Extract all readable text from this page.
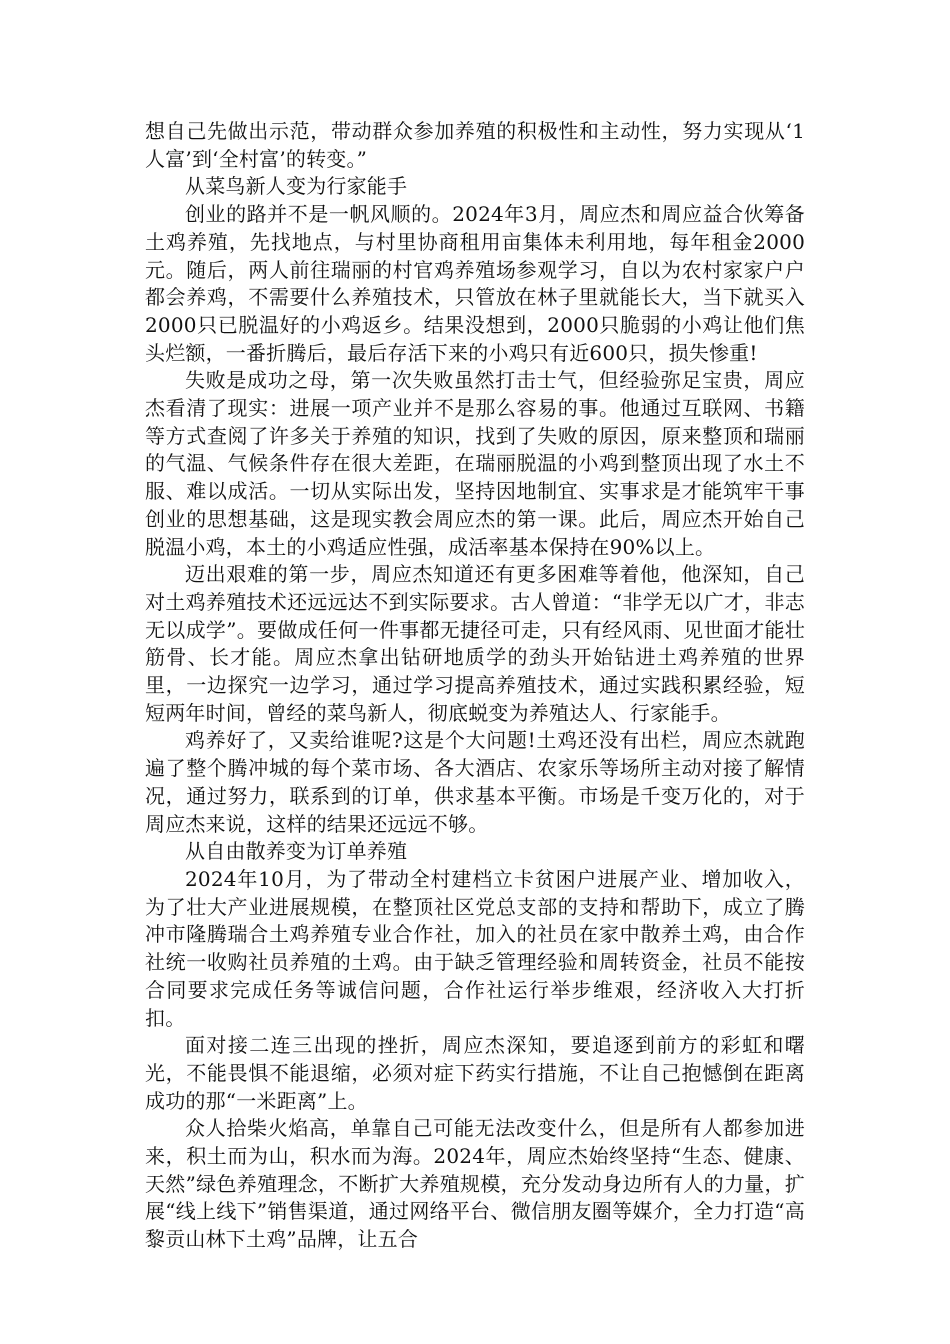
想自己先做出示范，带动群众参加养殖的积极性和主动性，努力实现从‘1人富’到‘全村富’的转变。”

从菜鸟新人变为行家能手

创业的路并不是一帆风顺的。2024年3月，周应杰和周应益合伙筹备土鸡养殖，先找地点，与村里协商租用亩集体未利用地，每年租金2000元。随后，两人前往瑞丽的村官鸡养殖场参观学习，自以为农村家家户户都会养鸡，不需要什么养殖技术，只管放在林子里就能长大，当下就买入2000只已脱温好的小鸡返乡。结果没想到，2000只脆弱的小鸡让他们焦头烂额，一番折腾后，最后存活下来的小鸡只有近600只，损失惨重!

失败是成功之母，第一次失败虽然打击士气，但经验弥足宝贵，周应杰看清了现实：进展一项产业并不是那么容易的事。他通过互联网、书籍等方式查阅了许多关于养殖的知识，找到了失败的原因，原来整顶和瑞丽的气温、气候条件存在很大差距，在瑞丽脱温的小鸡到整顶出现了水土不服、难以成活。一切从实际出发，坚持因地制宜、实事求是才能筑牢干事创业的思想基础，这是现实教会周应杰的第一课。此后，周应杰开始自己脱温小鸡，本土的小鸡适应性强，成活率基本保持在90%以上。

迈出艰难的第一步，周应杰知道还有更多困难等着他，他深知，自己对土鸡养殖技术还远远达不到实际要求。古人曾道：“非学无以广才，非志无以成学”。要做成任何一件事都无捷径可走，只有经风雨、见世面才能壮筋骨、长才能。周应杰拿出钻研地质学的劲头开始钻进土鸡养殖的世界里，一边探究一边学习，通过学习提高养殖技术，通过实践积累经验，短短两年时间，曾经的菜鸟新人，彻底蜕变为养殖达人、行家能手。

鸡养好了，又卖给谁呢?这是个大问题!土鸡还没有出栏，周应杰就跑遍了整个腾冲城的每个菜市场、各大酒店、农家乐等场所主动对接了解情况，通过努力，联系到的订单，供求基本平衡。市场是千变万化的，对于周应杰来说，这样的结果还远远不够。

从自由散养变为订单养殖

2024年10月，为了带动全村建档立卡贫困户进展产业、增加收入，为了壮大产业进展规模，在整顶社区党总支部的支持和帮助下，成立了腾冲市隆腾瑞合土鸡养殖专业合作社，加入的社员在家中散养土鸡，由合作社统一收购社员养殖的土鸡。由于缺乏管理经验和周转资金，社员不能按合同要求完成任务等诚信问题，合作社运行举步维艰，经济收入大打折扣。

面对接二连三出现的挫折，周应杰深知，要追逐到前方的彩虹和曙光，不能畏惧不能退缩，必须对症下药实行措施，不让自己抱憾倒在距离成功的那“一米距离”上。

众人拾柴火焰高，单靠自己可能无法改变什么，但是所有人都参加进来，积土而为山，积水而为海。2024年，周应杰始终坚持“生态、健康、天然”绿色养殖理念，不断扩大养殖规模，充分发动身边所有人的力量，扩展“线上线下”销售渠道，通过网络平台、微信朋友圈等媒介，全力打造“高黎贡山林下土鸡”品牌，让五合
